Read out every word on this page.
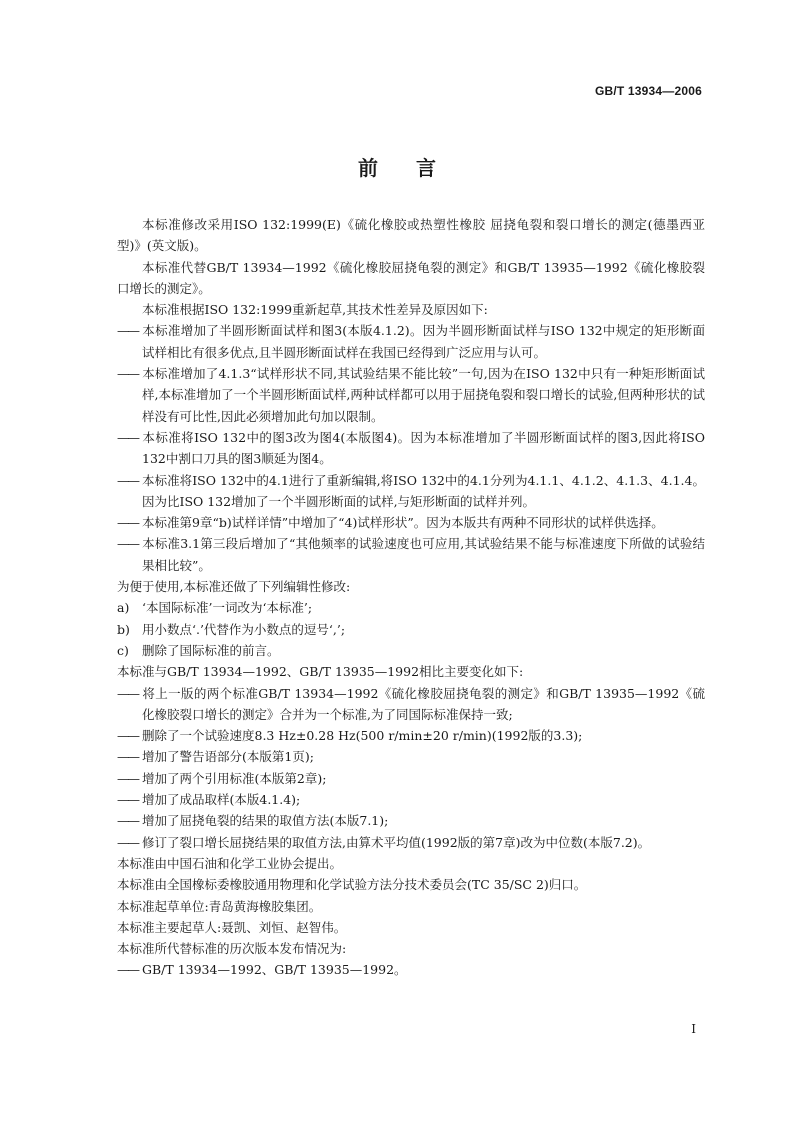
GB/T 13934—2006
前言

本标准修改采用ISO 132:1999(E)《硫化橡胶或热塑性橡胶 屈挠龟裂和裂口增长的测定(德墨西亚型)》(英文版)。

本标准代替GB/T 13934—1992《硫化橡胶屈挠龟裂的测定》和GB/T 13935—1992《硫化橡胶裂口增长的测定》。

本标准根据ISO 132:1999重新起草,其技术性差异及原因如下:

—— 本标准增加了半圆形断面试样和图3(本版4.1.2)。因为半圆形断面试样与ISO 132中规定的矩形断面试样相比有很多优点,且半圆形断面试样在我国已经得到广泛应用与认可。

—— 本标准增加了4.1.3“试样形状不同,其试验结果不能比较”一句,因为在ISO 132中只有一种矩形断面试样,本标准增加了一个半圆形断面试样,两种试样都可以用于屈挠龟裂和裂口增长的试验,但两种形状的试样没有可比性,因此必须增加此句加以限制。

—— 本标准将ISO 132中的图3改为图4(本版图4)。因为本标准增加了半圆形断面试样的图3,因此将ISO 132中割口刀具的图3顺延为图4。

—— 本标准将ISO 132中的4.1进行了重新编辑,将ISO 132中的4.1分列为4.1.1、4.1.2、4.1.3、4.1.4。因为比ISO 132增加了一个半圆形断面的试样,与矩形断面的试样并列。

—— 本标准第9章“b)试样详情”中增加了“4)试样形状”。因为本版共有两种不同形状的试样供选择。

—— 本标准3.1第三段后增加了“其他频率的试验速度也可应用,其试验结果不能与标准速度下所做的试验结果相比较”。

为便于使用,本标准还做了下列编辑性修改:

a)	‘本国际标准’一词改为‘本标准’;

b) 用小数点‘.’代替作为小数点的逗号‘,’;

c)	删除了国际标准的前言。

本标准与GB/T 13934—1992、GB/T 13935—1992相比主要变化如下:

—— 将上一版的两个标准GB/T 13934—1992《硫化橡胶屈挠龟裂的测定》和GB/T 13935—1992《硫化橡胶裂口增长的测定》合并为一个标准,为了同国际标准保持一致;

—— 删除了一个试验速度8.3 Hz±0.28 Hz(500 r/min±20 r/min)(1992版的3.3);

—— 增加了警告语部分(本版第1页);

—— 增加了两个引用标准(本版第2章);

—— 增加了成品取样(本版4.1.4);

—— 增加了屈挠龟裂的结果的取值方法(本版7.1);

—— 修订了裂口增长屈挠结果的取值方法,由算术平均值(1992版的第7章)改为中位数(本版7.2)。

本标准由中国石油和化学工业协会提出。

本标准由全国橡标委橡胶通用物理和化学试验方法分技术委员会(TC 35/SC 2)归口。

本标准起草单位:青岛黄海橡胶集团。

本标准主要起草人:聂凯、刘恒、赵智伟。

本标准所代替标准的历次版本发布情况为:

—— GB/T 13934—1992、GB/T 13935—1992。

I
